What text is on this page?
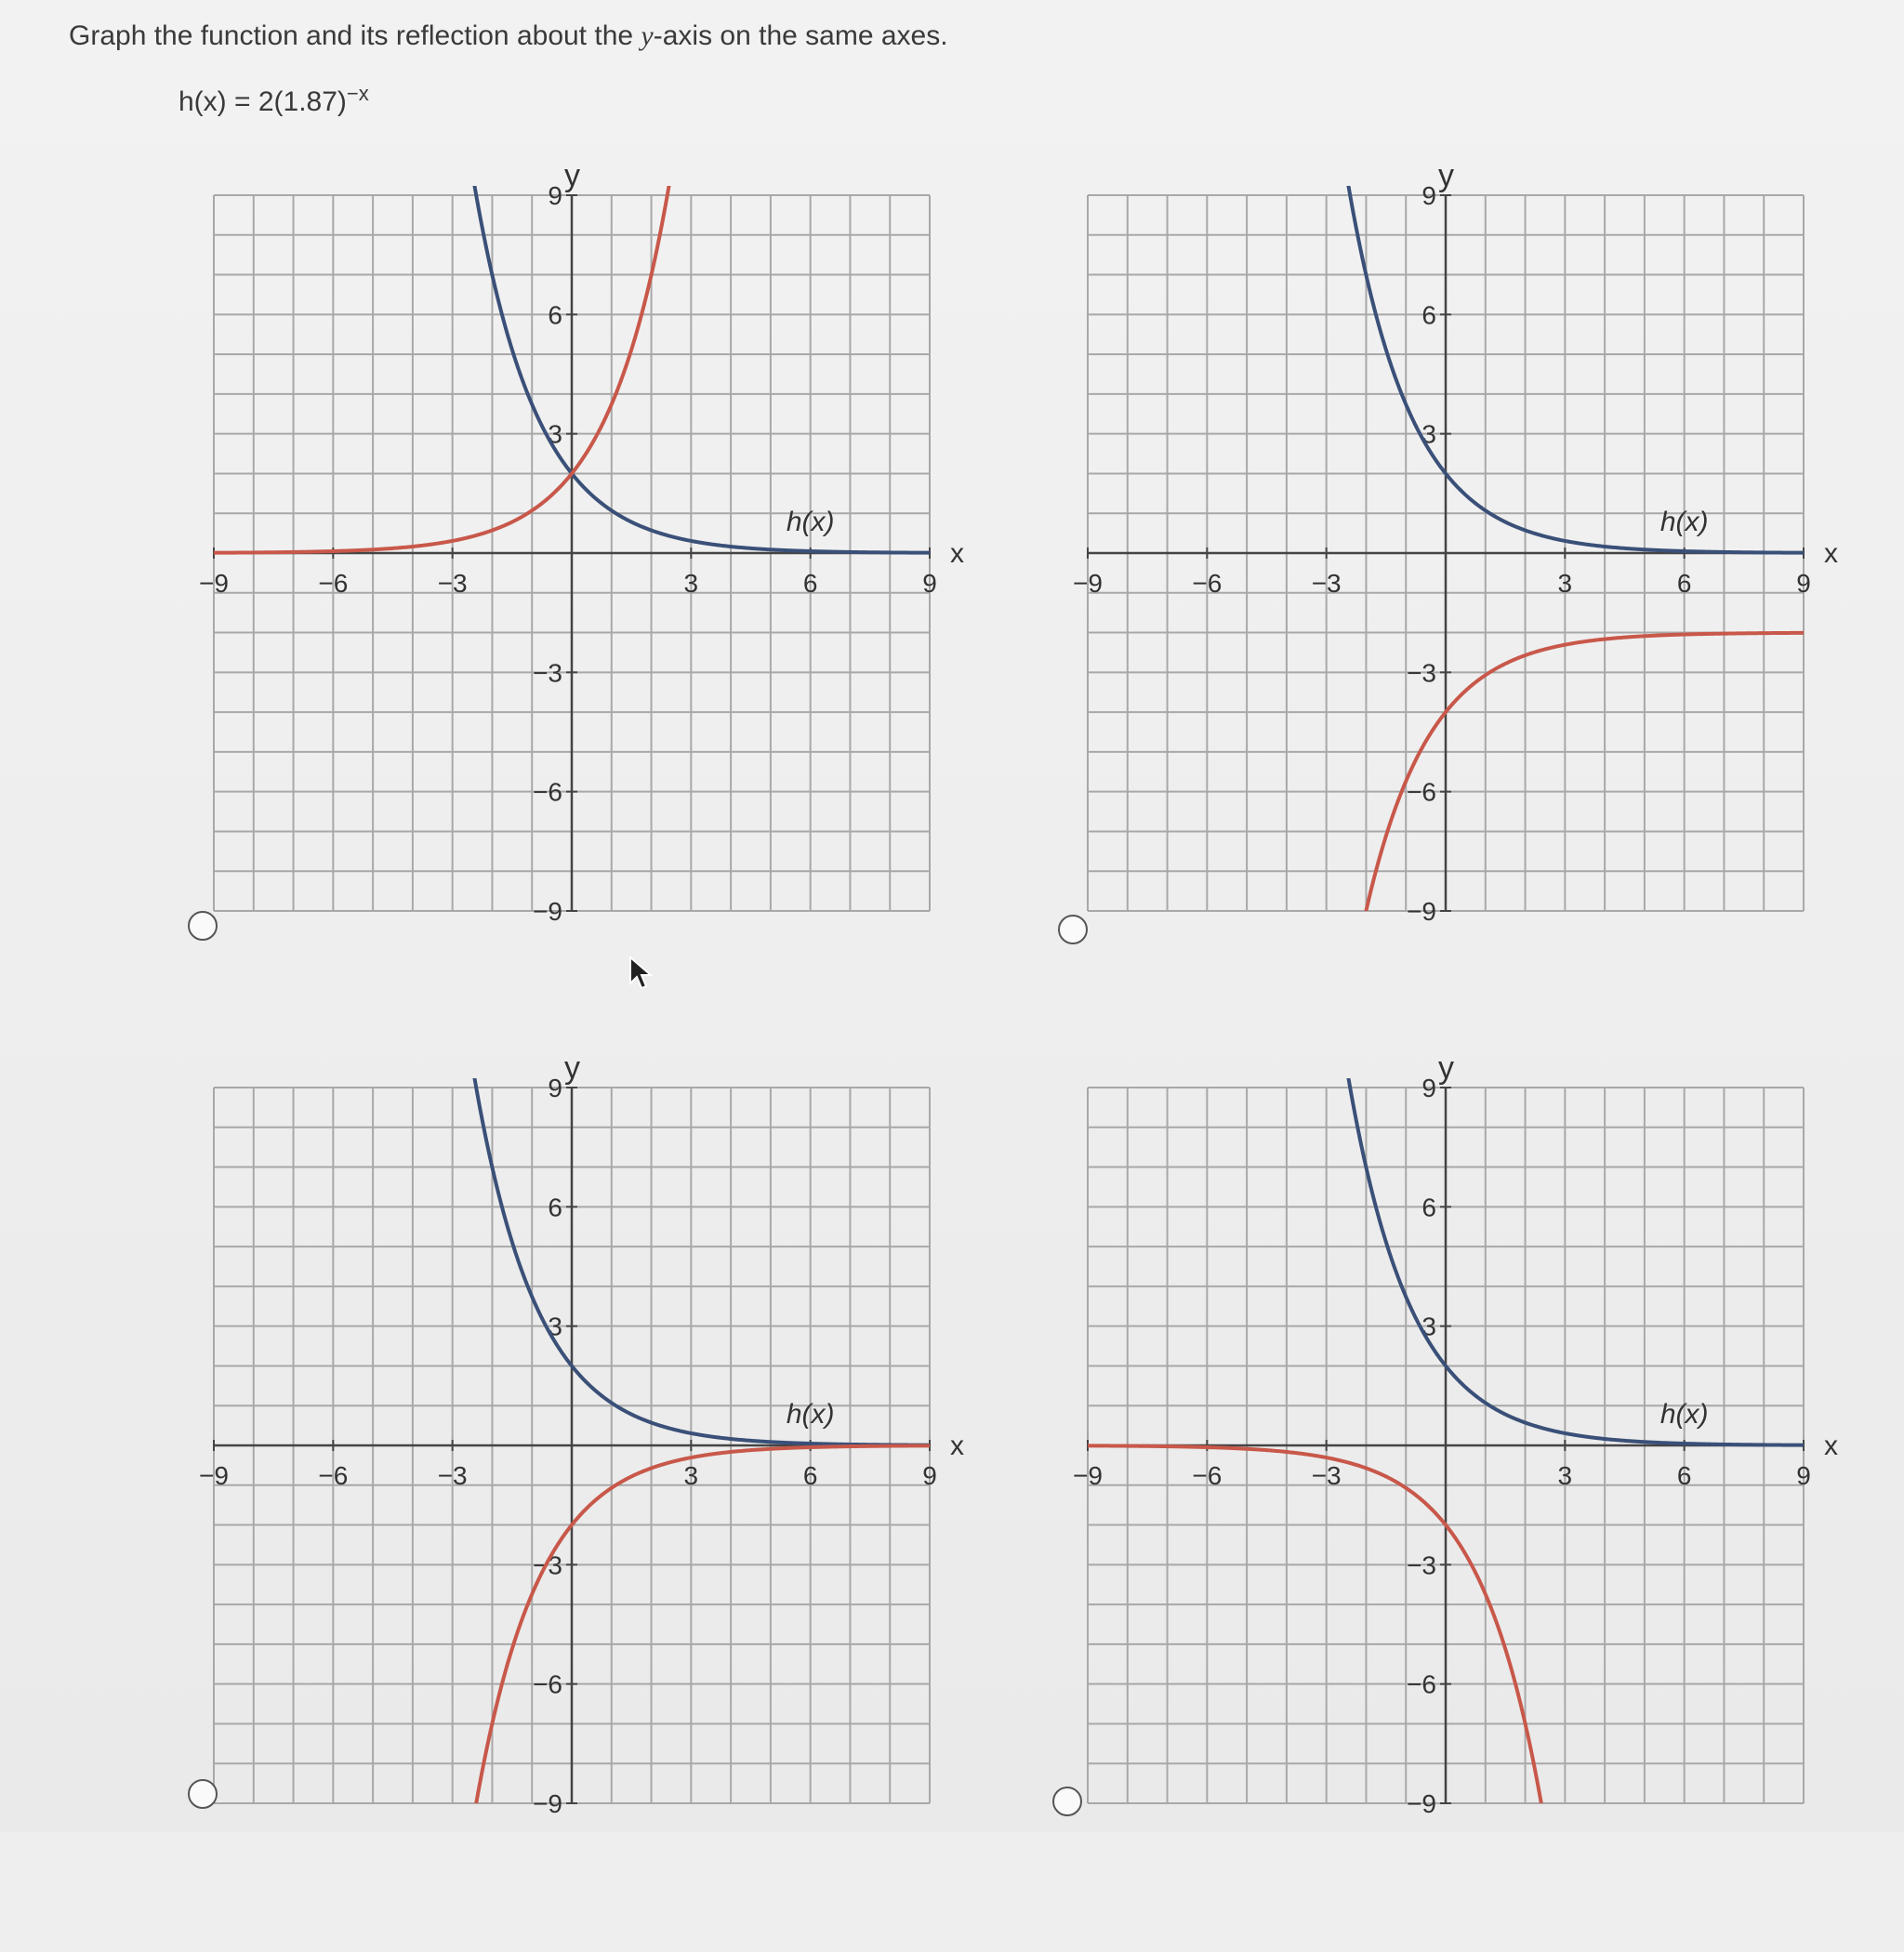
Graph the function and its reflection about the y-axis on the same axes.
$h(x) = 2(1.87)^{-x}$
x
y
−9	−6	−3	3	6	9
9
6
3
−3
−6
−9
h(x)
x
y
−9	−6	−3	3	6	9
9
6
3
−3
−6
−9
h(x)
x
y
−9	−6	−3	3	6	9
9
6
3
−3
−6
−9
h(x)
x
y
−9	−6	−3	3	6	9
9
6
3
−3
−6
−9
h(x)
